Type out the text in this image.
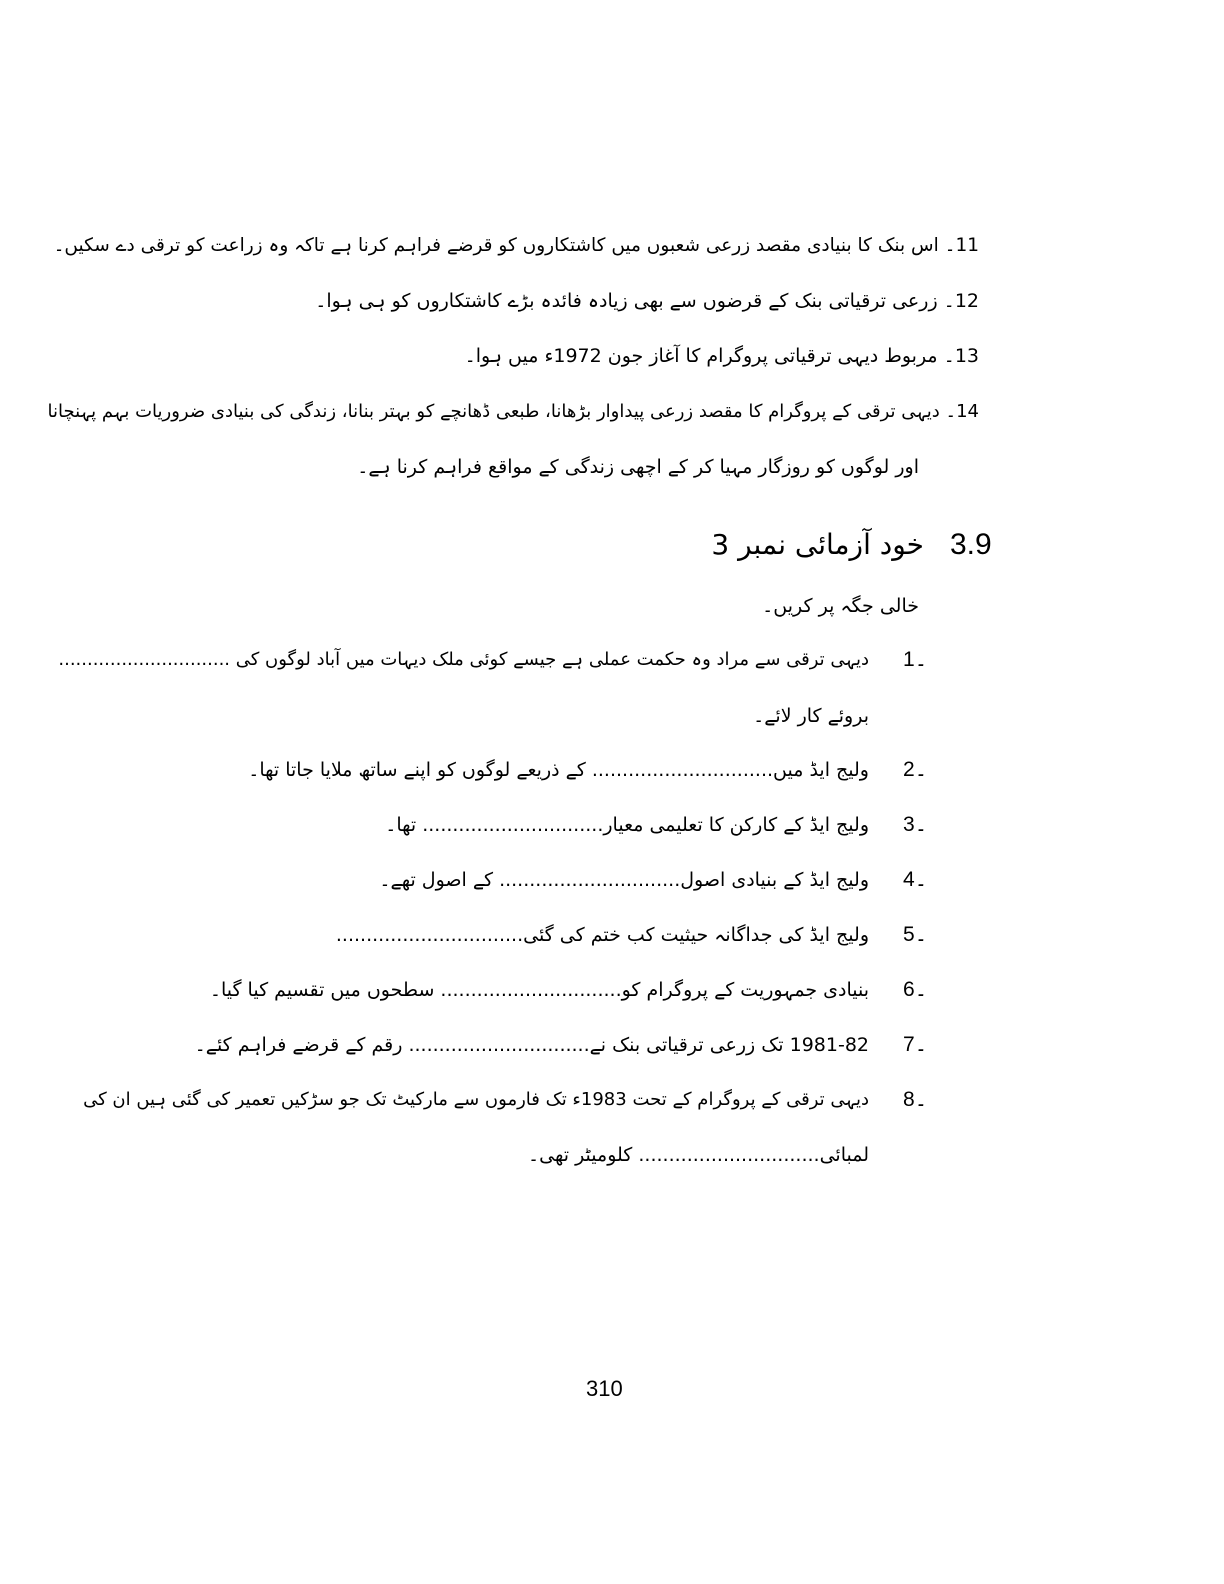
11۔ اس بنک کا بنیادی مقصد زرعی شعبوں میں کاشتکاروں کو قرضے فراہم کرنا ہے تاکہ وہ زراعت کو ترقی دے سکیں۔
12۔ زرعی ترقیاتی بنک کے قرضوں سے بھی زیادہ فائدہ بڑے کاشتکاروں کو ہی ہوا۔
13۔ مربوط دیہی ترقیاتی پروگرام کا آغاز جون 1972ء میں ہوا۔
14۔ دیہی ترقی کے پروگرام کا مقصد زرعی پیداوار بڑھانا، طبعی ڈھانچے کو بہتر بنانا، زندگی کی بنیادی ضروریات بہم پہنچانا
اور لوگوں کو روزگار مہیا کر کے اچھی زندگی کے مواقع فراہم کرنا ہے۔
3.9
خود آزمائی نمبر 3
خالی جگہ پر کریں۔
1۔
دیہی ترقی سے مراد وہ حکمت عملی ہے جیسے کوئی ملک دیہات میں آباد لوگوں کی ..............................
بروئے کار لائے۔
2۔
ولیج ایڈ میں.............................. کے ذریعے لوگوں کو اپنے ساتھ ملایا جاتا تھا۔
3۔
ولیج ایڈ کے کارکن کا تعلیمی معیار.............................. تھا۔
4۔
ولیج ایڈ کے بنیادی اصول.............................. کے اصول تھے۔
5۔
ولیج ایڈ کی جداگانہ حیثیت کب ختم کی گئی...............................
6۔
بنیادی جمہوریت کے پروگرام کو.............................. سطحوں میں تقسیم کیا گیا۔
7۔
1981-82 تک زرعی ترقیاتی بنک نے.............................. رقم کے قرضے فراہم کئے۔
8۔
دیہی ترقی کے پروگرام کے تحت 1983ء تک فارموں سے مارکیٹ تک جو سڑکیں تعمیر کی گئی ہیں ان کی
لمبائی.............................. کلومیٹر تھی۔
310
